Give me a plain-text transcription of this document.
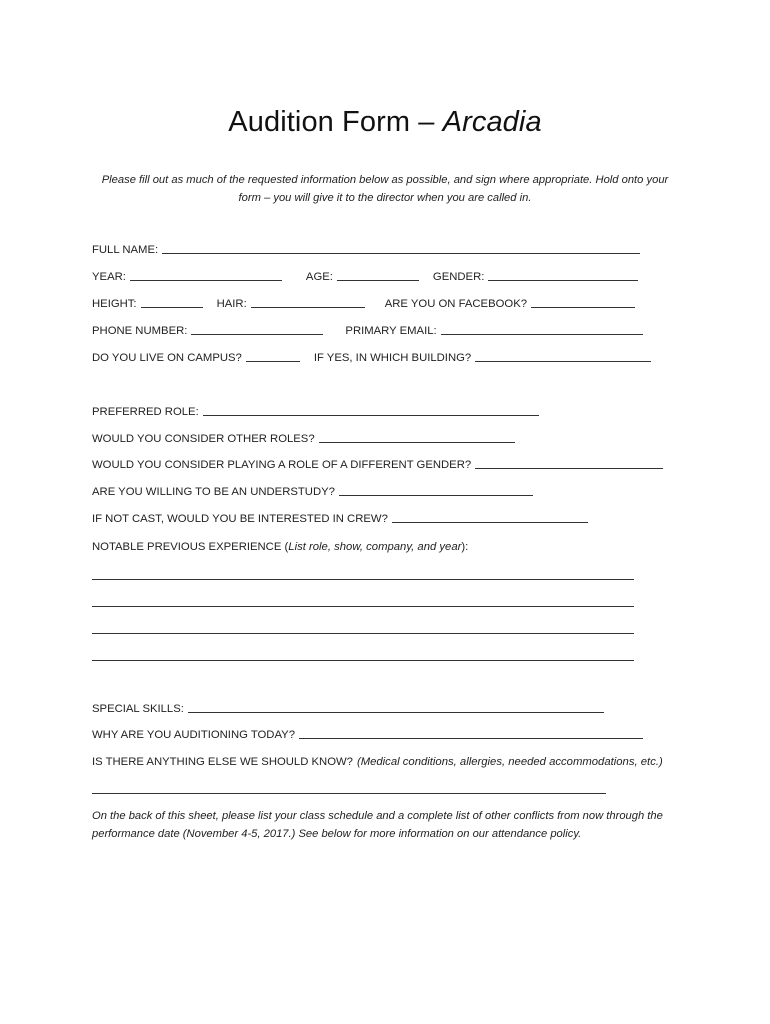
Audition Form – Arcadia
Please fill out as much of the requested information below as possible, and sign where appropriate. Hold onto your form – you will give it to the director when you are called in.
FULL NAME:
YEAR:	AGE:	GENDER:
HEIGHT:	HAIR:	ARE YOU ON FACEBOOK?
PHONE NUMBER:	PRIMARY EMAIL:
DO YOU LIVE ON CAMPUS?	IF YES, IN WHICH BUILDING?
PREFERRED ROLE:
WOULD YOU CONSIDER OTHER ROLES?
WOULD YOU CONSIDER PLAYING A ROLE OF A DIFFERENT GENDER?
ARE YOU WILLING TO BE AN UNDERSTUDY?
IF NOT CAST, WOULD YOU BE INTERESTED IN CREW?
NOTABLE PREVIOUS EXPERIENCE ( List role, show, company, and year ):
SPECIAL SKILLS:
WHY ARE YOU AUDITIONING TODAY?
IS THERE ANYTHING ELSE WE SHOULD KNOW? (Medical conditions, allergies, needed accommodations, etc.)
On the back of this sheet, please list your class schedule and a complete list of other conflicts from now through the performance date (November 4-5, 2017.) See below for more information on our attendance policy.
